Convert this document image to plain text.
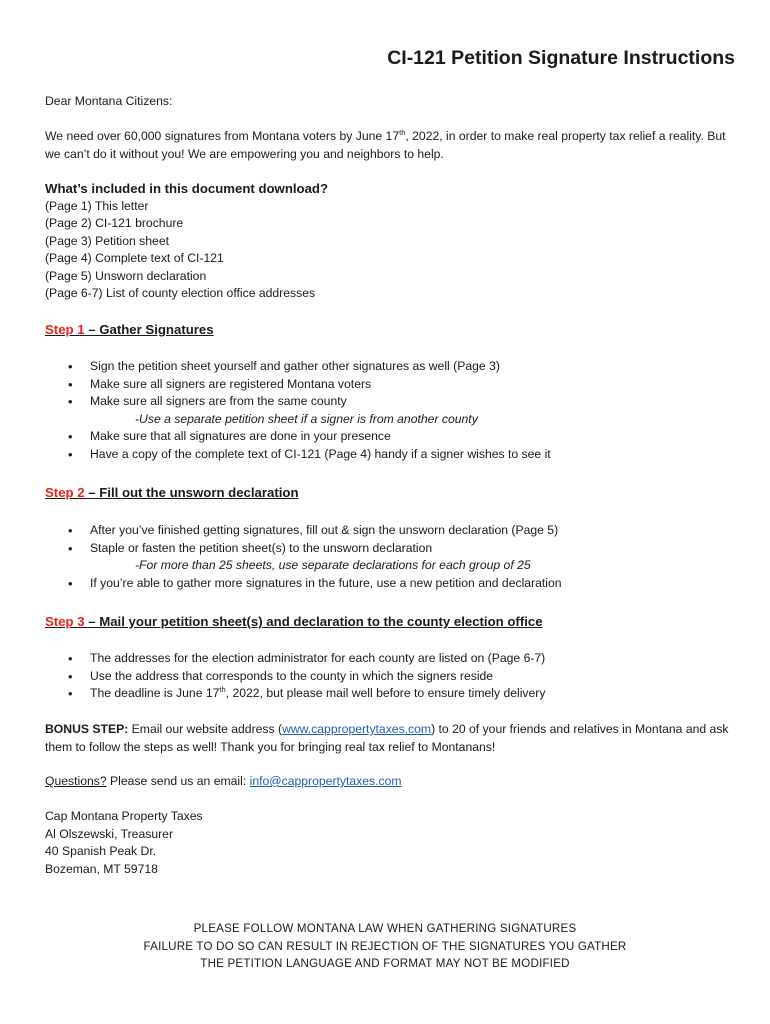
CI-121 Petition Signature Instructions

Dear Montana Citizens:

We need over 60,000 signatures from Montana voters by June 17th, 2022, in order to make real property tax relief a reality. But we can’t do it without you! We are empowering you and neighbors to help.

What’s included in this document download?

(Page 1) This letter

(Page 2) CI-121 brochure

(Page 3) Petition sheet

(Page 4) Complete text of CI-121

(Page 5) Unsworn declaration

(Page 6-7) List of county election office addresses

Step 1 – Gather Signatures

• Sign the petition sheet yourself and gather other signatures as well (Page 3)
• Make sure all signers are registered Montana voters
• Make sure all signers are from the same county
-Use a separate petition sheet if a signer is from another county
• Make sure that all signatures are done in your presence
• Have a copy of the complete text of CI-121 (Page 4) handy if a signer wishes to see it

Step 2 – Fill out the unsworn declaration

• After you’ve finished getting signatures, fill out & sign the unsworn declaration (Page 5)
• Staple or fasten the petition sheet(s) to the unsworn declaration
-For more than 25 sheets, use separate declarations for each group of 25
• If you’re able to gather more signatures in the future, use a new petition and declaration

Step 3 – Mail your petition sheet(s) and declaration to the county election office

• The addresses for the election administrator for each county are listed on (Page 6-7)
• Use the address that corresponds to the county in which the signers reside
• The deadline is June 17th, 2022, but please mail well before to ensure timely delivery

BONUS STEP: Email our website address (www.cappropertytaxes.com) to 20 of your friends and relatives in Montana and ask them to follow the steps as well! Thank you for bringing real tax relief to Montanans!

Questions? Please send us an email: info@cappropertytaxes.com

Cap Montana Property Taxes

Al Olszewski, Treasurer

40 Spanish Peak Dr.

Bozeman, MT 59718

PLEASE FOLLOW MONTANA LAW WHEN GATHERING SIGNATURES

FAILURE TO DO SO CAN RESULT IN REJECTION OF THE SIGNATURES YOU GATHER

THE PETITION LANGUAGE AND FORMAT MAY NOT BE MODIFIED
